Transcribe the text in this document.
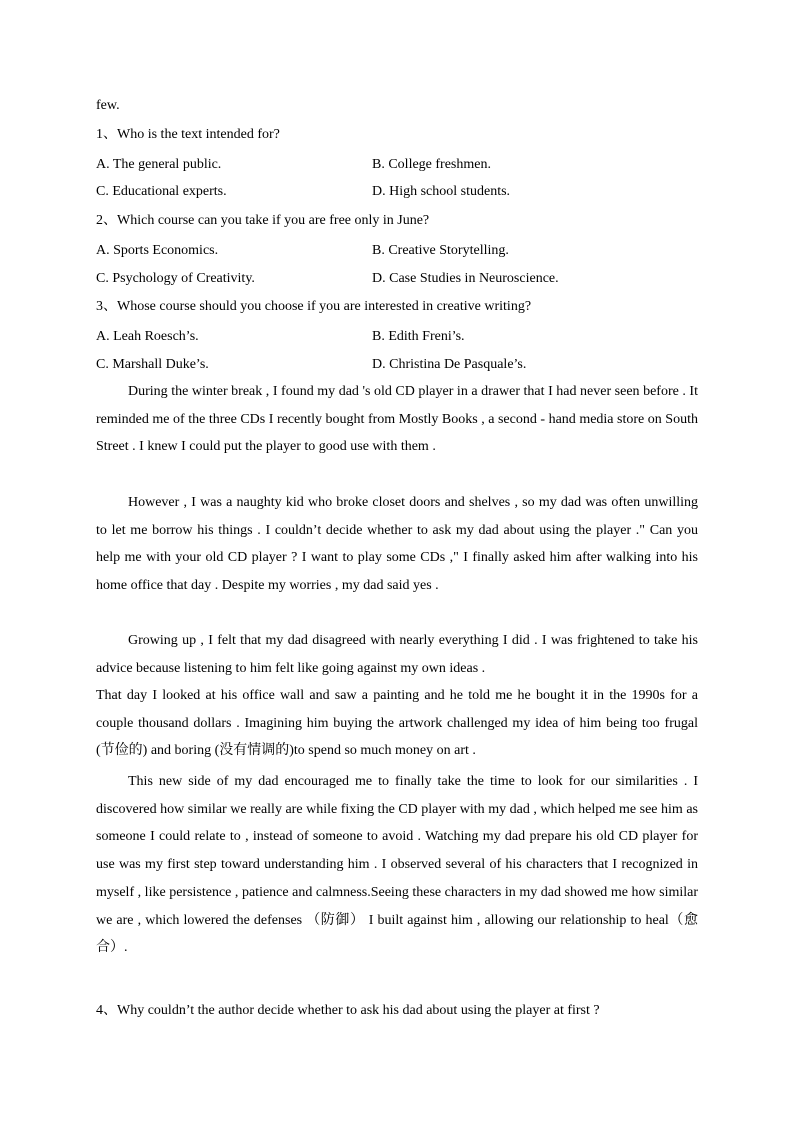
few.
1、Who is the text intended for?
A. The general public.	B. College freshmen.
C. Educational experts.	D. High school students.
2、Which course can you take if you are free only in June?
A. Sports Economics.	B. Creative Storytelling.
C. Psychology of Creativity.	D. Case Studies in Neuroscience.
3、Whose course should you choose if you are interested in creative writing?
A. Leah Roesch’s.	B. Edith Freni’s.
C. Marshall Duke’s.	D. Christina De Pasquale’s.
During the winter break , I found my dad 's old CD player in a drawer that I had never seen before . It reminded me of the three CDs I recently bought from Mostly Books , a second - hand media store on South Street . I knew I could put the player to good use with them .
However , I was a naughty kid who broke closet doors and shelves , so my dad was often unwilling to let me borrow his things . I couldn’t decide whether to ask my dad about using the player ." Can you help me with your old CD player ? I want to play some CDs ," I finally asked him after walking into his home office that day . Despite my worries , my dad said yes .
Growing up , I felt that my dad disagreed with nearly everything I did . I was frightened to take his advice because listening to him felt like going against my own ideas .
That day I looked at his office wall and saw a painting and he told me he bought it in the 1990s for a couple thousand dollars . Imagining him buying the artwork challenged my idea of him being too frugal (节俭的) and boring (没有情调的)to spend so much money on art .
This new side of my dad encouraged me to finally take the time to look for our similarities . I discovered how similar we really are while fixing the CD player with my dad , which helped me see him as someone I could relate to , instead of someone to avoid . Watching my dad prepare his old CD player for use was my first step toward understanding him . I observed several of his characters that I recognized in myself , like persistence , patience and calmness.Seeing these characters in my dad showed me how similar we are , which lowered the defenses （防御） I built against him , allowing our relationship to heal（愈合）.
4、Why couldn’t the author decide whether to ask his dad about using the player at first ?
